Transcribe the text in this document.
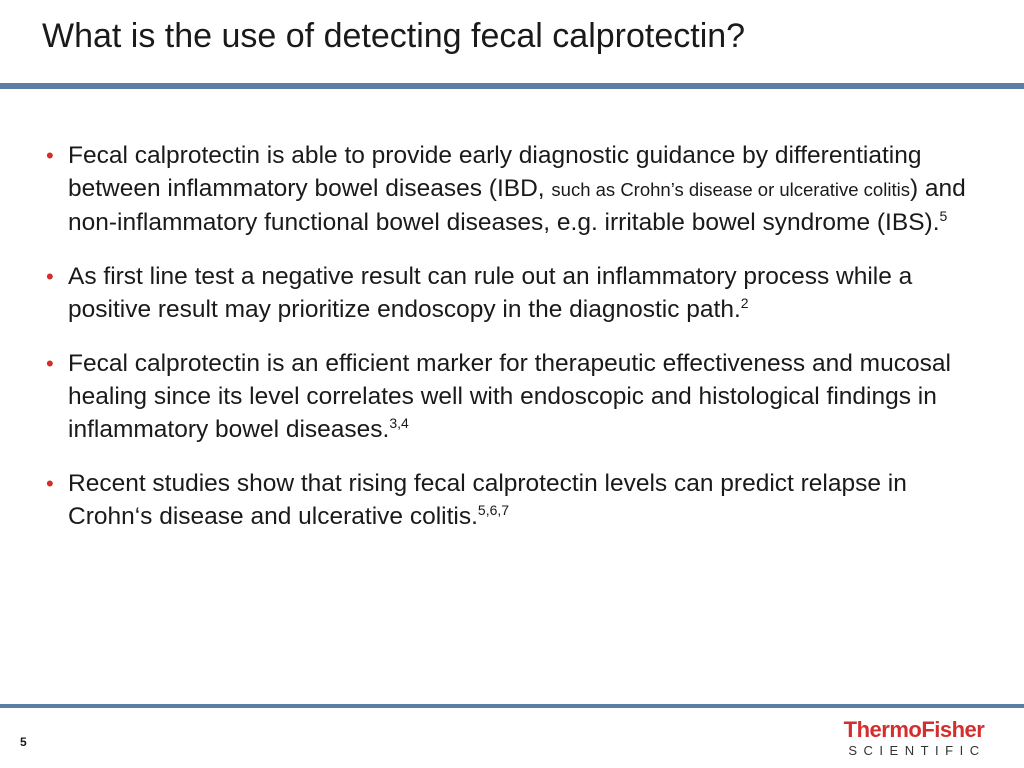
What is the use of detecting fecal calprotectin?
• Fecal calprotectin is able to provide early diagnostic guidance by differentiating between inflammatory bowel diseases (IBD, such as Crohn’s disease or ulcerative colitis) and non-inflammatory functional bowel diseases, e.g. irritable bowel syndrome (IBS).$^5$
• As first line test a negative result can rule out an inflammatory process while a positive result may prioritize endoscopy in the diagnostic path.$^2$
• Fecal calprotectin is an efficient marker for therapeutic effectiveness and mucosal healing since its level correlates well with endoscopic and histological findings in inflammatory bowel diseases.$^{3,4}$
• Recent studies show that rising fecal calprotectin levels can predict relapse in Crohn‘s disease and ulcerative colitis.$^{5,6,7}$
5	ThermoFisher
SCIENTIFIC
